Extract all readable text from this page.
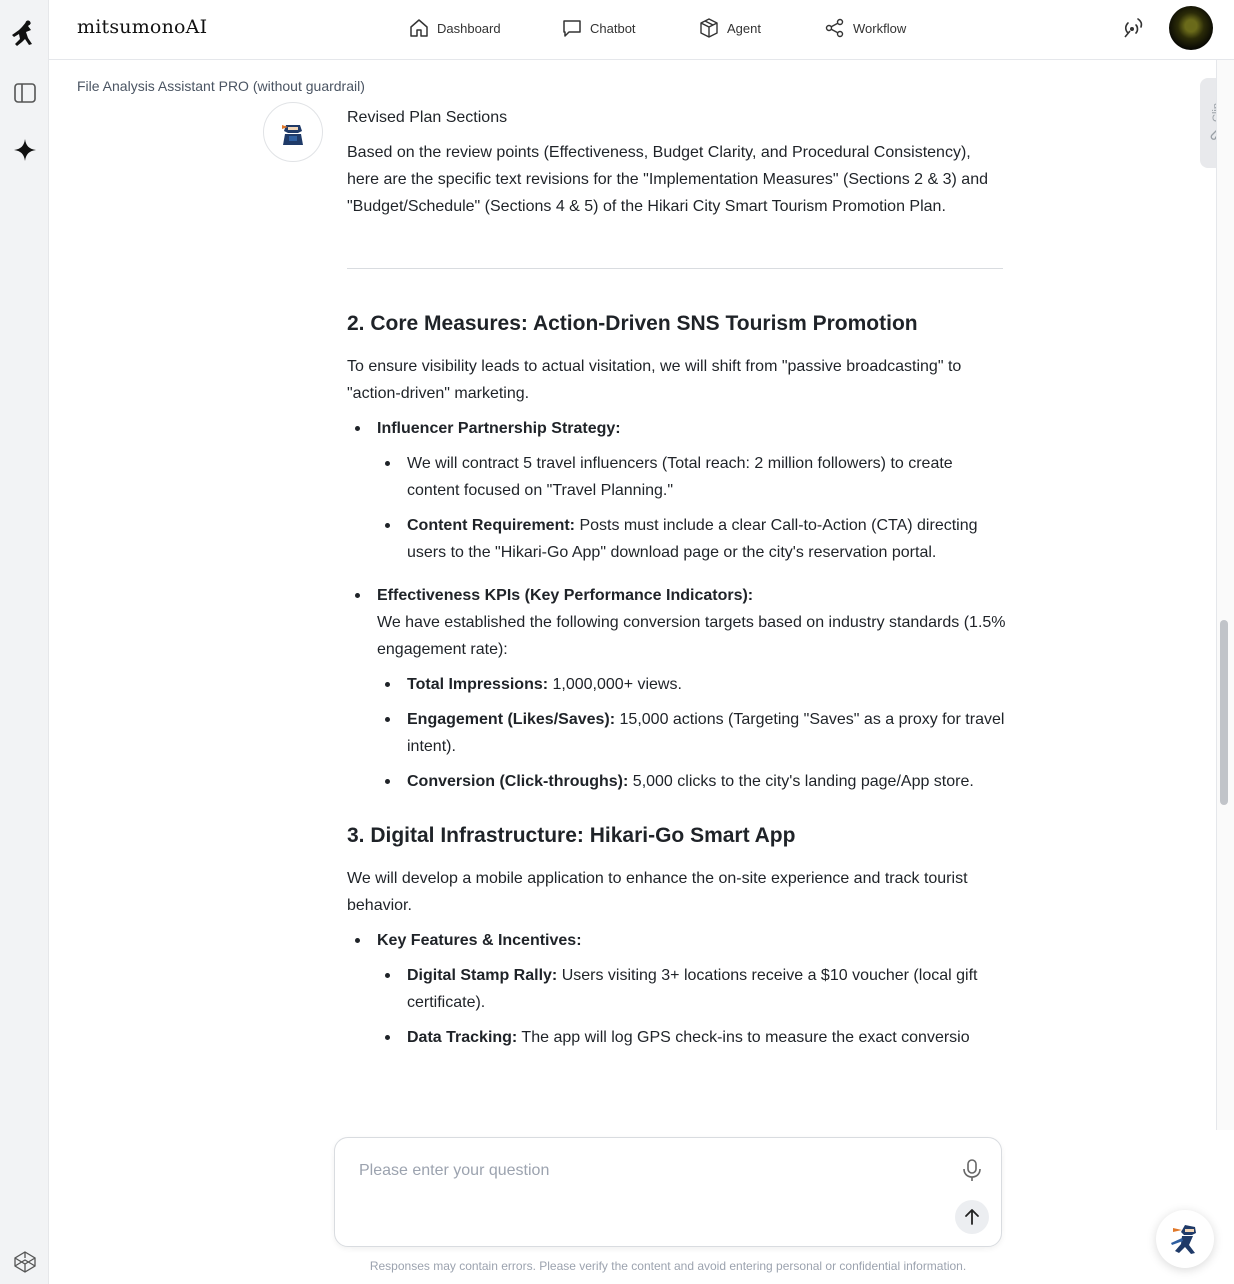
mitsumonoAI	Dashboard	Chatbot	Agent	Workflow
File Analysis Assistant PRO (without guardrail)

Revised Plan Sections

Based on the review points (Effectiveness, Budget Clarity, and Procedural Consistency), here are the specific text revisions for the "Implementation Measures" (Sections 2 & 3) and "Budget/Schedule" (Sections 4 & 5) of the Hikari City Smart Tourism Promotion Plan.

2. Core Measures: Action-Driven SNS Tourism Promotion

To ensure visibility leads to actual visitation, we will shift from "passive broadcasting" to "action-driven" marketing.

Influencer Partnership Strategy:
We will contract 5 travel influencers (Total reach: 2 million followers) to create content focused on "Travel Planning."
Content Requirement: Posts must include a clear Call-to-Action (CTA) directing users to the "Hikari-Go App" download page or the city's reservation portal.
Effectiveness KPIs (Key Performance Indicators):

We have established the following conversion targets based on industry standards (1.5% engagement rate):

Total Impressions: 1,000,000+ views.
Engagement (Likes/Saves): 15,000 actions (Targeting "Saves" as a proxy for travel intent).
Conversion (Click-throughs): 5,000 clicks to the city's landing page/App store.
3. Digital Infrastructure: Hikari-Go Smart App

We will develop a mobile application to enhance the on-site experience and track tourist behavior.

Key Features & Incentives:
Digital Stamp Rally: Users visiting 3+ locations receive a $10 voucher (local gift certificate).
Data Tracking: The app will log GPS check-ins to measure the exact conversio
Please enter your question
Responses may contain errors. Please verify the content and avoid entering personal or confidential information.
